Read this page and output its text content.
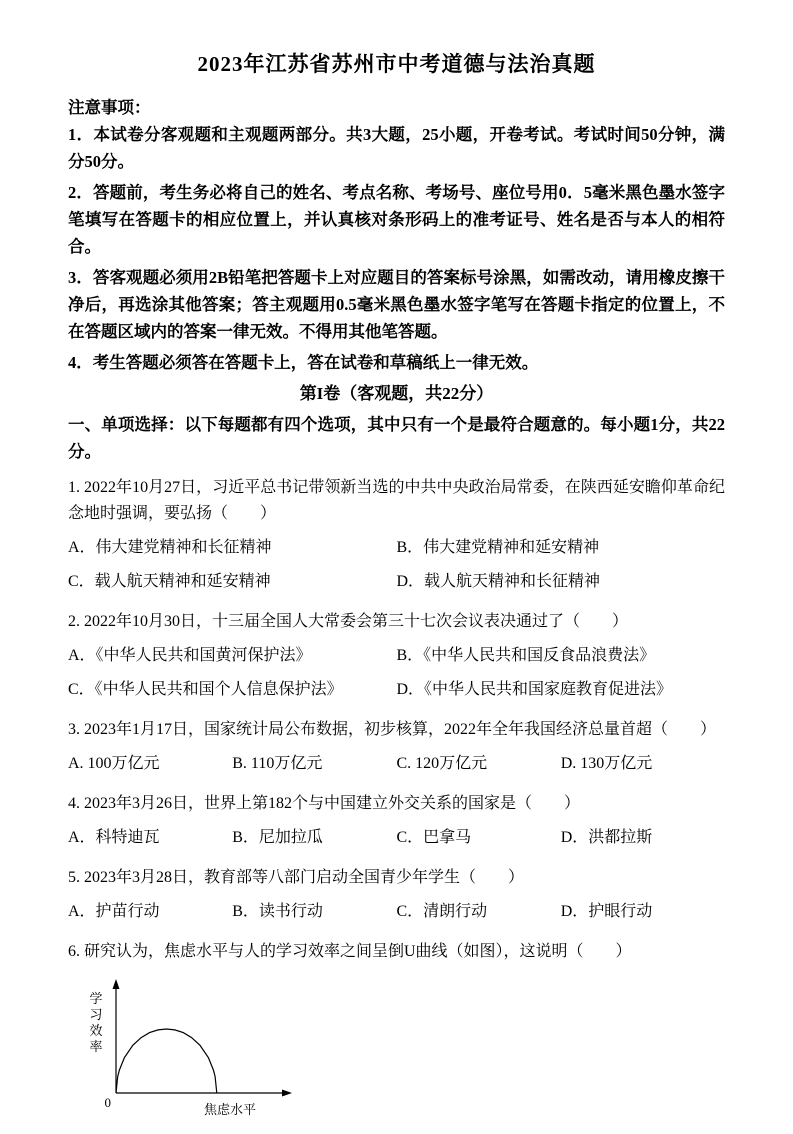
2023年江苏省苏州市中考道德与法治真题
注意事项：

1．本试卷分客观题和主观题两部分。共3大题，25小题，开卷考试。考试时间50分钟，满分50分。

2．答题前，考生务必将自己的姓名、考点名称、考场号、座位号用0．5毫米黑色墨水签字笔填写在答题卡的相应位置上，并认真核对条形码上的准考证号、姓名是否与本人的相符合。

3．答客观题必须用2B铅笔把答题卡上对应题目的答案标号涂黑，如需改动，请用橡皮擦干净后，再选涂其他答案；答主观题用0.5毫米黑色墨水签字笔写在答题卡指定的位置上，不在答题区域内的答案一律无效。不得用其他笔答题。

4．考生答题必须答在答题卡上，答在试卷和草稿纸上一律无效。

第I卷（客观题，共22分）

一、单项选择：以下每题都有四个选项，其中只有一个是最符合题意的。每小题1分，共22分。

1. 2022年10月27日，习近平总书记带领新当选的中共中央政治局常委，在陕西延安瞻仰革命纪念地时强调，要弘扬（　　）

A．伟大建党精神和长征精神	B．伟大建党精神和延安精神
C．载人航天精神和延安精神	D．载人航天精神和长征精神

2. 2022年10月30日，十三届全国人大常委会第三十七次会议表决通过了（　　）

A．《中华人民共和国黄河保护法》	B．《中华人民共和国反食品浪费法》
C．《中华人民共和国个人信息保护法》	D．《中华人民共和国家庭教育促进法》

3. 2023年1月17日，国家统计局公布数据，初步核算，2022年全年我国经济总量首超（　　）

A. 100万亿元	B. 110万亿元	C. 120万亿元	D. 130万亿元

4. 2023年3月26日，世界上第182个与中国建立外交关系的国家是（　　）

A．科特迪瓦	B．尼加拉瓜	C．巴拿马	D．洪都拉斯

5. 2023年3月28日，教育部等八部门启动全国青少年学生（　　）

A．护苗行动	B．读书行动	C．清朗行动	D．护眼行动

6. 研究认为，焦虑水平与人的学习效率之间呈倒U曲线（如图），这说明（　　）

学习效率
焦虑水平
0
